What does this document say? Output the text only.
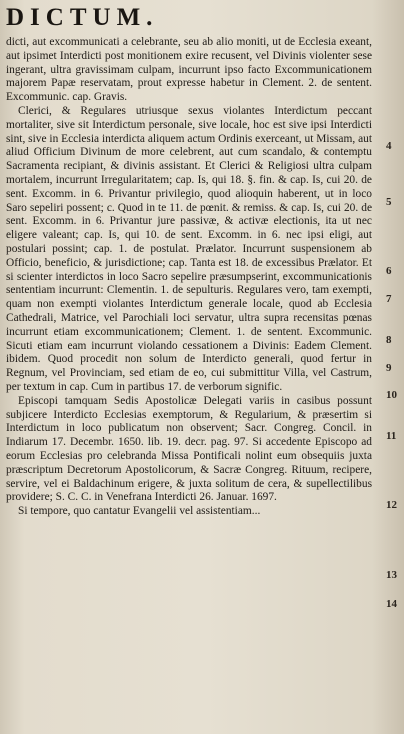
DICTUM.

dicti, aut excommunicati a celebrante, seu ab alio moniti, ut de Ecclesia exeant, aut ipsimet Interdicti post monitionem exire recusent, vel Divinis violenter sese ingerant, ultra gravissimam culpam, incurrunt ipso facto Excommunicationem majorem Papæ reservatam, prout expresse habetur in Clement. 2. de sentent. Excommunic. cap. Gravis.

Clerici, & Regulares utriusque sexus violantes Interdictum peccant mortaliter, sive sit Interdictum personale, sive locale, hoc est sive ipsi Interdicti sint, sive in Ecclesia interdicta aliquem actum Ordinis exerceant, ut Missam, aut aliud Officium Divinum de more celebrent, aut cum scandalo, & contemptu Sacramenta recipiant, & divinis assistant. Et Clerici & Religiosi ultra culpam mortalem, incurrunt Irregularitatem; cap. Is, qui 18. §. fin. & cap. Is, cui 20. de sent. Excomm. in 6. Privantur privilegio, quod alioquin haberent, ut in loco Saro sepeliri possent; c. Quod in te 11. de pœnit. & remiss. & cap. Is, cui 20. de sent. Excomm. in 6. Privantur jure passivæ, & activæ electionis, ita ut nec eligere valeant; cap. Is, qui 10. de sent. Excomm. in 6. nec ipsi eligi, aut postulari possint; cap. 1. de postulat. Prælator. Incurrunt suspensionem ab Officio, beneficio, & jurisdictione; cap. Tanta est 18. de excessibus Prælator. Et si scienter interdictos in loco Sacro sepelire præsumpserint, excommunicationis sententiam incurrunt: Clementin. 1. de sepulturis. Regulares vero, tam exempti, quam non exempti violantes Interdictum generale locale, quod ab Ecclesia Cathedrali, Matrice, vel Parochiali loci servatur, ultra supra recensitas pœnas incurrunt etiam excommunicationem; Clement. 1. de sentent. Excommunic. Sicuti etiam eam incurrunt violando cessationem a Divinis: Eadem Clement. ibidem. Quod procedit non solum de Interdicto generali, quod fertur in Regnum, vel Provinciam, sed etiam de eo, cui submittitur Villa, vel Castrum, per textum in cap. Cum in partibus 17. de verborum signific.

Episcopi tamquam Sedis Apostolicæ Delegati variis in casibus possunt subjicere Interdicto Ecclesias exemptorum, & Regularium, & præsertim si Interdictum in loco publicatum non observent; Sacr. Congreg. Concil. in Indiarum 17. Decembr. 1650. lib. 19. decr. pag. 97. Si accedente Episcopo ad eorum Ecclesias pro celebranda Missa Pontificali nolint eum obsequiis juxta præscriptum Decretorum Apostolicorum, & Sacræ Congreg. Rituum, recipere, servire, vel ei Baldachinum erigere, & juxta solitum de cera, & supellectilibus providere; S. C. C. in Venefrana Interdicti 26. Januar. 1697.

Si tempore, quo cantatur Evangelii vel assistentiam...

4
5
6
7
8
9
10
11
12
13
14
